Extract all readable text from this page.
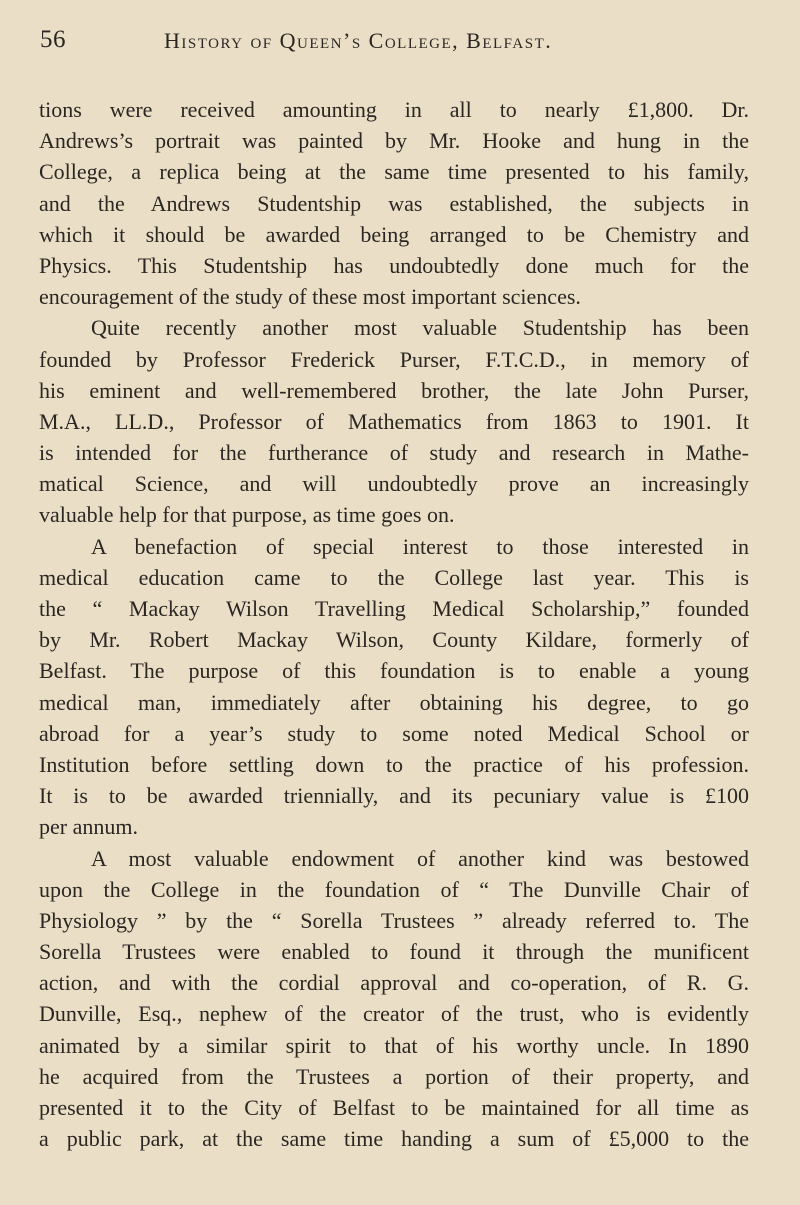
56	History of Queen’s College, Belfast.
tions were received amounting in all to nearly £1,800. Dr.
Andrews’s portrait was painted by Mr. Hooke and hung in the
College, a replica being at the same time presented to his family,
and the Andrews Studentship was established, the subjects in
which it should be awarded being arranged to be Chemistry and
Physics. This Studentship has undoubtedly done much for the
encouragement of the study of these most important sciences.
Quite recently another most valuable Studentship has been
founded by Professor Frederick Purser, F.T.C.D., in memory of
his eminent and well-remembered brother, the late John Purser,
M.A., LL.D., Professor of Mathematics from 1863 to 1901. It
is intended for the furtherance of study and research in Mathe-
matical Science, and will undoubtedly prove an increasingly
valuable help for that purpose, as time goes on.
A benefaction of special interest to those interested in
medical education came to the College last year. This is
the “ Mackay Wilson Travelling Medical Scholarship,” founded
by Mr. Robert Mackay Wilson, County Kildare, formerly of
Belfast. The purpose of this foundation is to enable a young
medical man, immediately after obtaining his degree, to go
abroad for a year’s study to some noted Medical School or
Institution before settling down to the practice of his profession.
It is to be awarded triennially, and its pecuniary value is £100
per annum.
A most valuable endowment of another kind was bestowed
upon the College in the foundation of “ The Dunville Chair of
Physiology ” by the “ Sorella Trustees ” already referred to. The
Sorella Trustees were enabled to found it through the munificent
action, and with the cordial approval and co-operation, of R. G.
Dunville, Esq., nephew of the creator of the trust, who is evidently
animated by a similar spirit to that of his worthy uncle. In 1890
he acquired from the Trustees a portion of their property, and
presented it to the City of Belfast to be maintained for all time as
a public park, at the same time handing a sum of £5,000 to the
